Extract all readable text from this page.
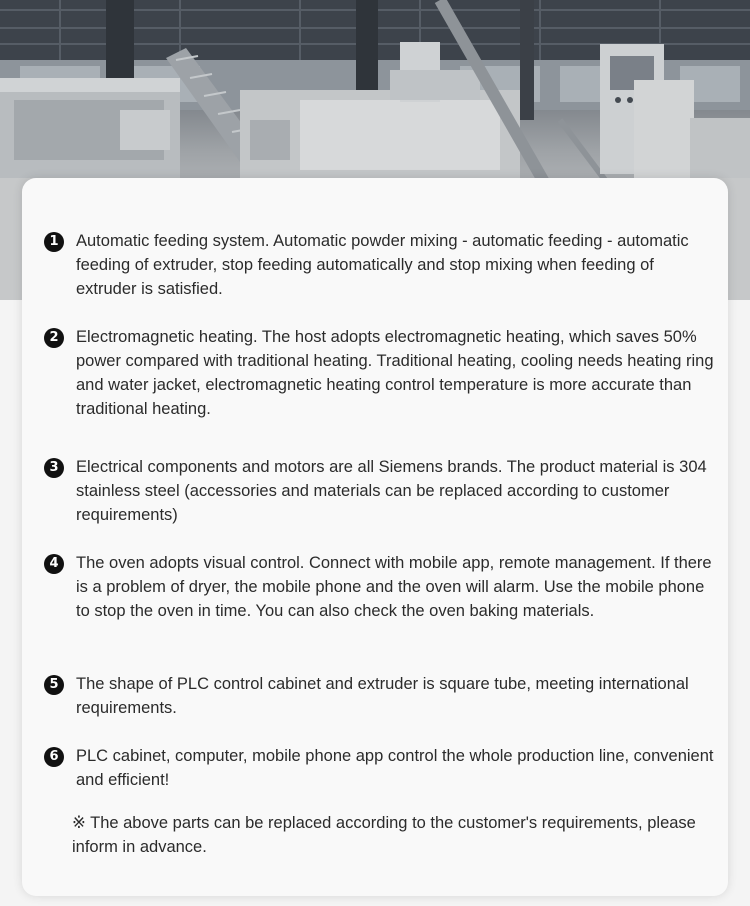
1	Automatic feeding system. Automatic powder mixing - automatic feeding - automatic feeding of extruder, stop feeding automatically and stop mixing when feeding of extruder is satisfied.
2	Electromagnetic heating. The host adopts electromagnetic heating, which saves 50% power compared with traditional heating. Traditional heating, cooling needs heating ring and water jacket, electromagnetic heating control temperature is more accurate than traditional heating.
3	Electrical components and motors are all Siemens brands. The product material is 304 stainless steel (accessories and materials can be replaced according to customer requirements)
4	The oven adopts visual control. Connect with mobile app, remote management. If there is a problem of dryer, the mobile phone and the oven will alarm. Use the mobile phone to stop the oven in time. You can also check the oven baking materials.
5	The shape of PLC control cabinet and extruder is square tube, meeting international requirements.
6	PLC cabinet, computer, mobile phone app control the whole production line, convenient and efficient!
※ The above parts can be replaced according to the customer's requirements, please inform in advance.
